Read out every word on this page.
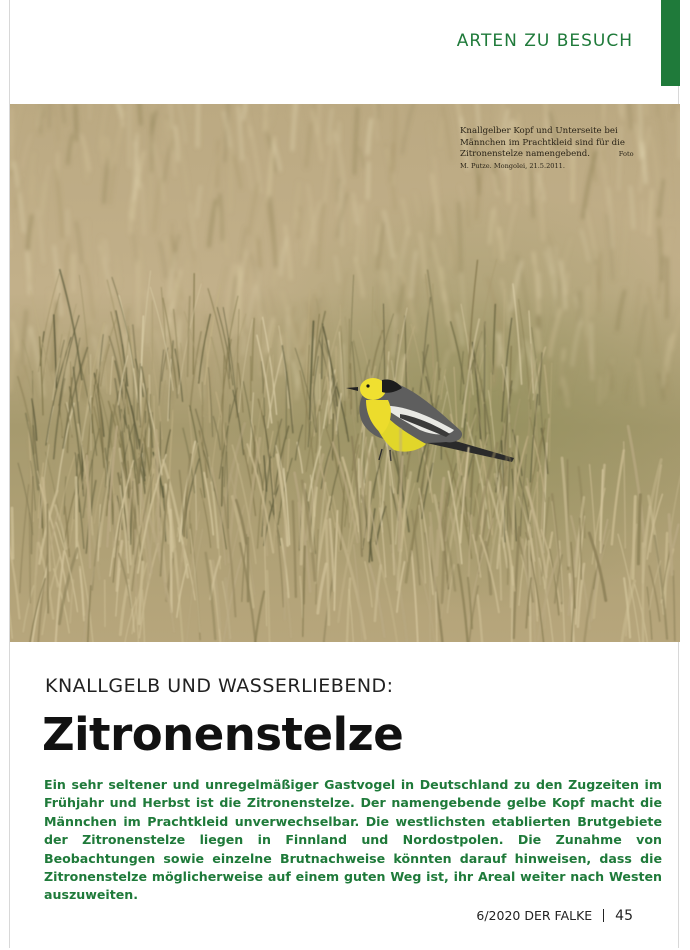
ARTEN ZU BESUCH
Knallgelber Kopf und Unterseite bei Männchen im Prachtkleid sind für die Zitronenstelze namengebend.	Foto M. Putze. Mongolei, 21.5.2011.
KNALLGELB UND WASSERLIEBEND:
Zitronenstelze
Ein sehr seltener und unregelmäßiger Gastvogel in Deutschland zu den Zugzeiten im Frühjahr und Herbst ist die Zitronenstelze. Der namengebende gelbe Kopf macht die Männchen im Prachtkleid unverwechselbar. Die westlichsten etablierten Brutgebiete der Zitronenstelze liegen in Finnland und Nordostpolen. Die Zunahme von Beobachtungen sowie einzelne Brutnachweise könnten darauf hinweisen, dass die Zitronenstelze möglicherweise auf einem guten Weg ist, ihr Areal weiter nach Westen auszuweiten.
6/2020 DER FALKE 45
